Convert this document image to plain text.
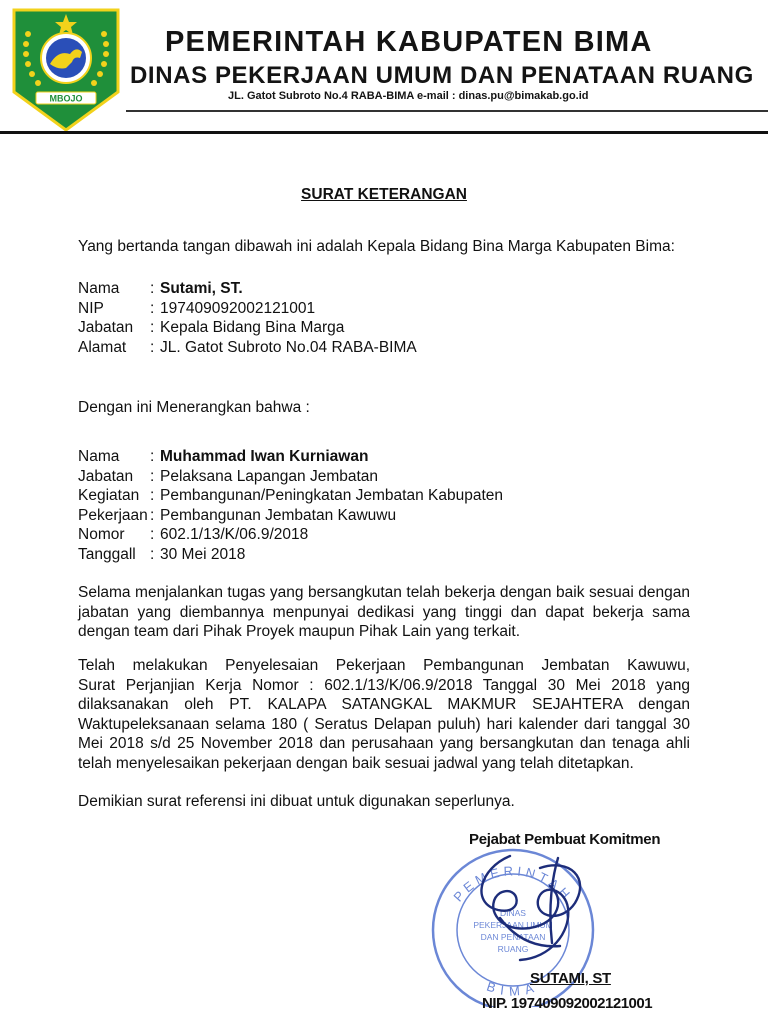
MBOJO
PEMERINTAH KABUPATEN BIMA
DINAS PEKERJAAN UMUM DAN PENATAAN RUANG
JL. Gatot Subroto No.4 RABA-BIMA e-mail : dinas.pu@bimakab.go.id
SURAT KETERANGAN
Yang bertanda tangan dibawah ini adalah Kepala Bidang Bina Marga Kabupaten Bima:
Nama	: Sutami, ST.
NIP	: 197409092002121001
Jabatan	: Kepala Bidang Bina Marga
Alamat	: JL. Gatot Subroto No.04 RABA-BIMA
Dengan ini Menerangkan bahwa :
Nama	: Muhammad Iwan Kurniawan
Jabatan	: Pelaksana Lapangan Jembatan
Kegiatan : Pembangunan/Peningkatan Jembatan Kabupaten
Pekerjaan : Pembangunan Jembatan Kawuwu
Nomor	: 602.1/13/K/06.9/2018
Tanggall : 30 Mei 2018
Selama menjalankan tugas yang bersangkutan telah bekerja dengan baik sesuai dengan
jabatan yang diembannya menpunyai dedikasi yang tinggi dan dapat bekerja sama
dengan team dari Pihak Proyek maupun Pihak Lain yang terkait.
Telah melakukan Penyelesaian Pekerjaan Pembangunan Jembatan Kawuwu,
Surat Perjanjian Kerja Nomor : 602.1/13/K/06.9/2018 Tanggal 30 Mei 2018 yang
dilaksanakan oleh PT. KALAPA SATANGKAL MAKMUR SEJAHTERA dengan
Waktupeleksanaan selama 180 ( Seratus Delapan puluh) hari kalender dari tanggal 30
Mei 2018 s/d 25 November 2018 dan perusahaan yang bersangkutan dan tenaga ahli
telah menyelesaikan pekerjaan dengan baik sesuai jadwal yang telah ditetapkan.
Demikian surat referensi ini dibuat untuk digunakan seperlunya.
PEMERINTAH
BIMA
DINAS
PEKERJAAN UMUM
DAN PENATAAN
RUANG
Pejabat Pembuat Komitmen
SUTAMI, ST
NIP. 197409092002121001
